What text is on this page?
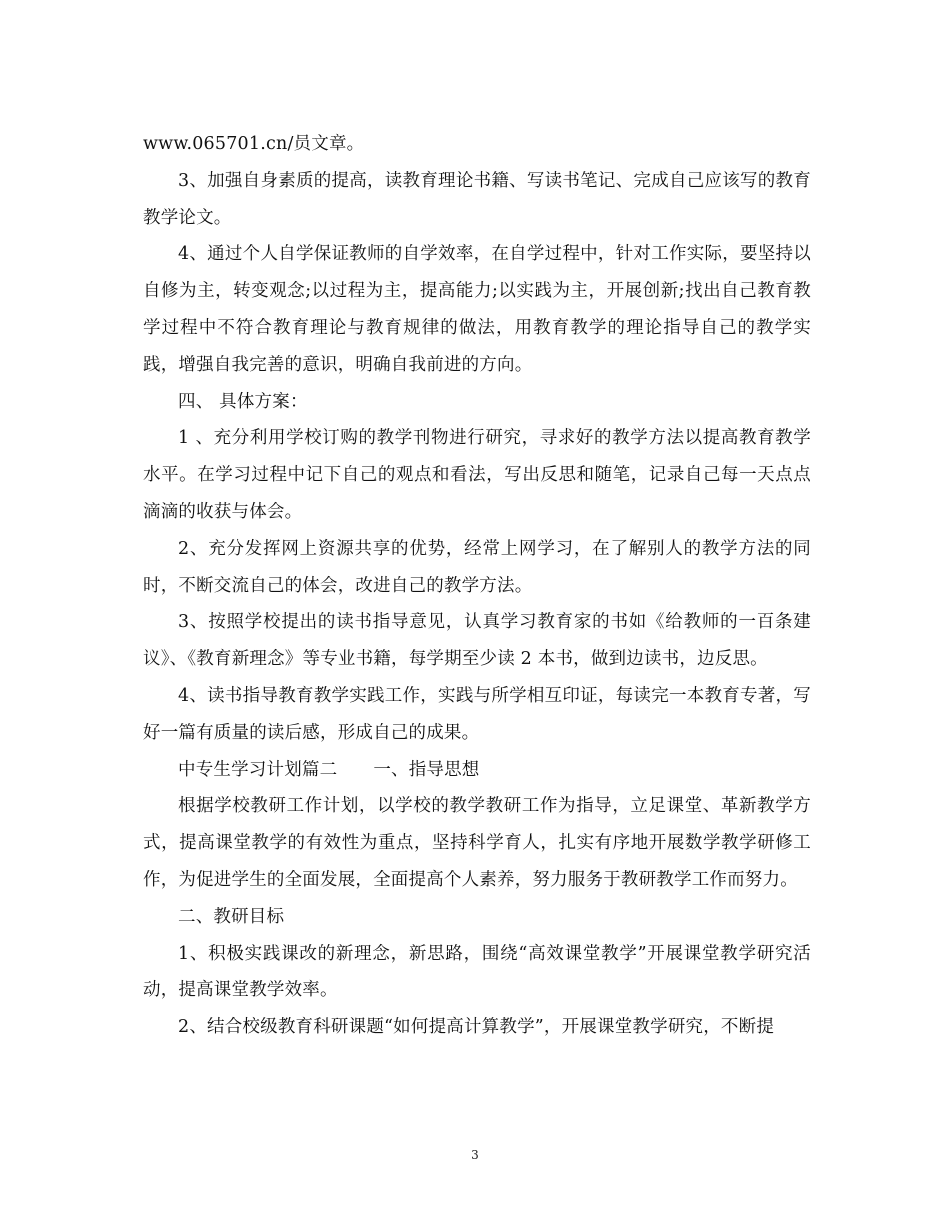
www.065701.cn/员文章。

3、加强自身素质的提高，读教育理论书籍、写读书笔记、完成自己应该写的教育教学论文。

4、通过个人自学保证教师的自学效率，在自学过程中，针对工作实际，要坚持以自修为主，转变观念;以过程为主，提高能力;以实践为主，开展创新;找出自己教育教学过程中不符合教育理论与教育规律的做法，用教育教学的理论指导自己的教学实践，增强自我完善的意识，明确自我前进的方向。

四、 具体方案：

1 、充分利用学校订购的教学刊物进行研究，寻求好的教学方法以提高教育教学水平。在学习过程中记下自己的观点和看法，写出反思和随笔，记录自己每一天点点滴滴的收获与体会。

2、充分发挥网上资源共享的优势，经常上网学习，在了解别人的教学方法的同时，不断交流自己的体会，改进自己的教学方法。

3、按照学校提出的读书指导意见，认真学习教育家的书如《给教师的一百条建议》、《教育新理念》等专业书籍，每学期至少读 2 本书，做到边读书，边反思。

4、读书指导教育教学实践工作，实践与所学相互印证，每读完一本教育专著，写好一篇有质量的读后感，形成自己的成果。

中专生学习计划篇二 一、指导思想

根据学校教研工作计划，以学校的教学教研工作为指导，立足课堂、革新教学方式，提高课堂教学的有效性为重点，坚持科学育人，扎实有序地开展数学教学研修工作，为促进学生的全面发展，全面提高个人素养，努力服务于教研教学工作而努力。

二、教研目标

1、积极实践课改的新理念，新思路，围绕“高效课堂教学”开展课堂教学研究活动，提高课堂教学效率。

2、结合校级教育科研课题“如何提高计算教学”，开展课堂教学研究，不断提

3
